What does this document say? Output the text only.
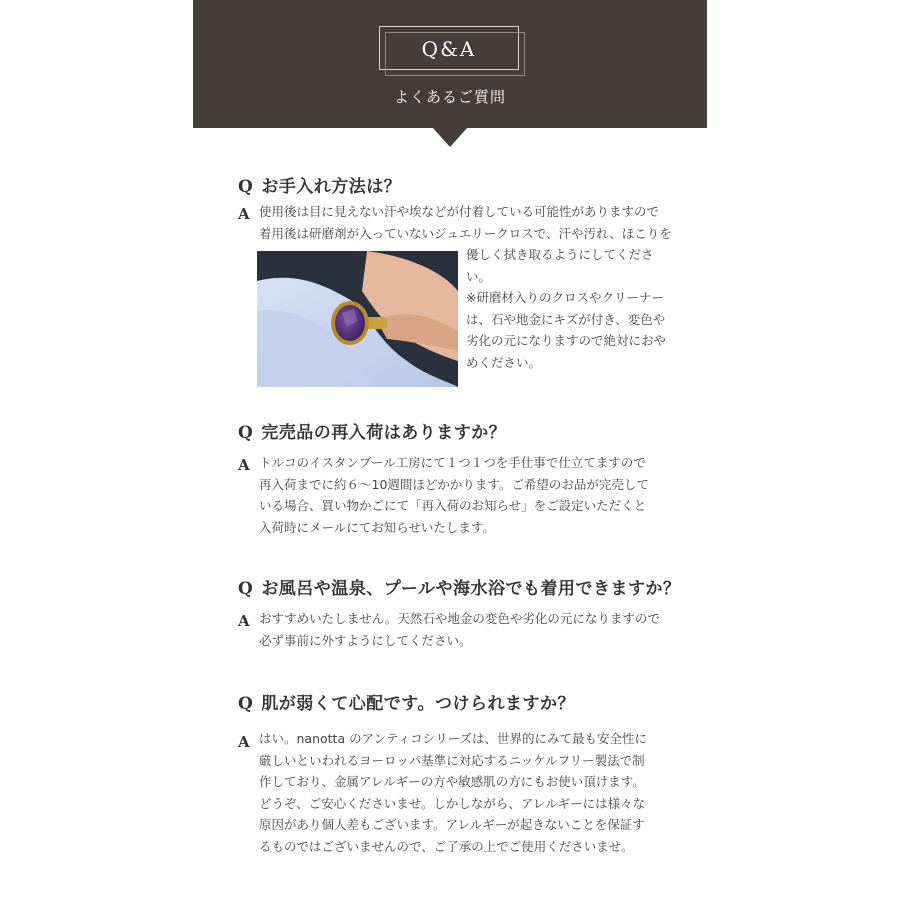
Q&A
よくあるご質問
Q お手入れ方法は？
A 使用後は目に見えない汗や埃などが付着している可能性がありますので
着用後は研磨剤が入っていないジュエリークロスで、汗や汚れ、ほこりを
優しく拭き取るようにしてくださ
い。
※研磨材入りのクロスやクリーナー
は、石や地金にキズが付き、変色や
劣化の元になりますので絶対におや
めください。
Q 完売品の再入荷はありますか？
A トルコのイスタンブール工房にて１つ１つを手仕事で仕立てますので
再入荷までに約６～10週間ほどかかります。ご希望のお品が完売して
いる場合、買い物かごにて「再入荷のお知らせ」をご設定いただくと
入荷時にメールにてお知らせいたします。
Q お風呂や温泉、プールや海水浴でも着用できますか？
A おすすめいたしません。天然石や地金の変色や劣化の元になりますので
必ず事前に外すようにしてください。
Q 肌が弱くて心配です。つけられますか？
A はい。nanotta のアンティコシリーズは、世界的にみて最も安全性に
厳しいといわれるヨーロッパ基準に対応するニッケルフリー製法で制
作しており、金属アレルギーの方や敏感肌の方にもお使い頂けます。
どうぞ、ご安心くださいませ。しかしながら、アレルギーには様々な
原因があり個人差もございます。アレルギーが起きないことを保証す
るものではございませんので、ご了承の上でご使用くださいませ。
